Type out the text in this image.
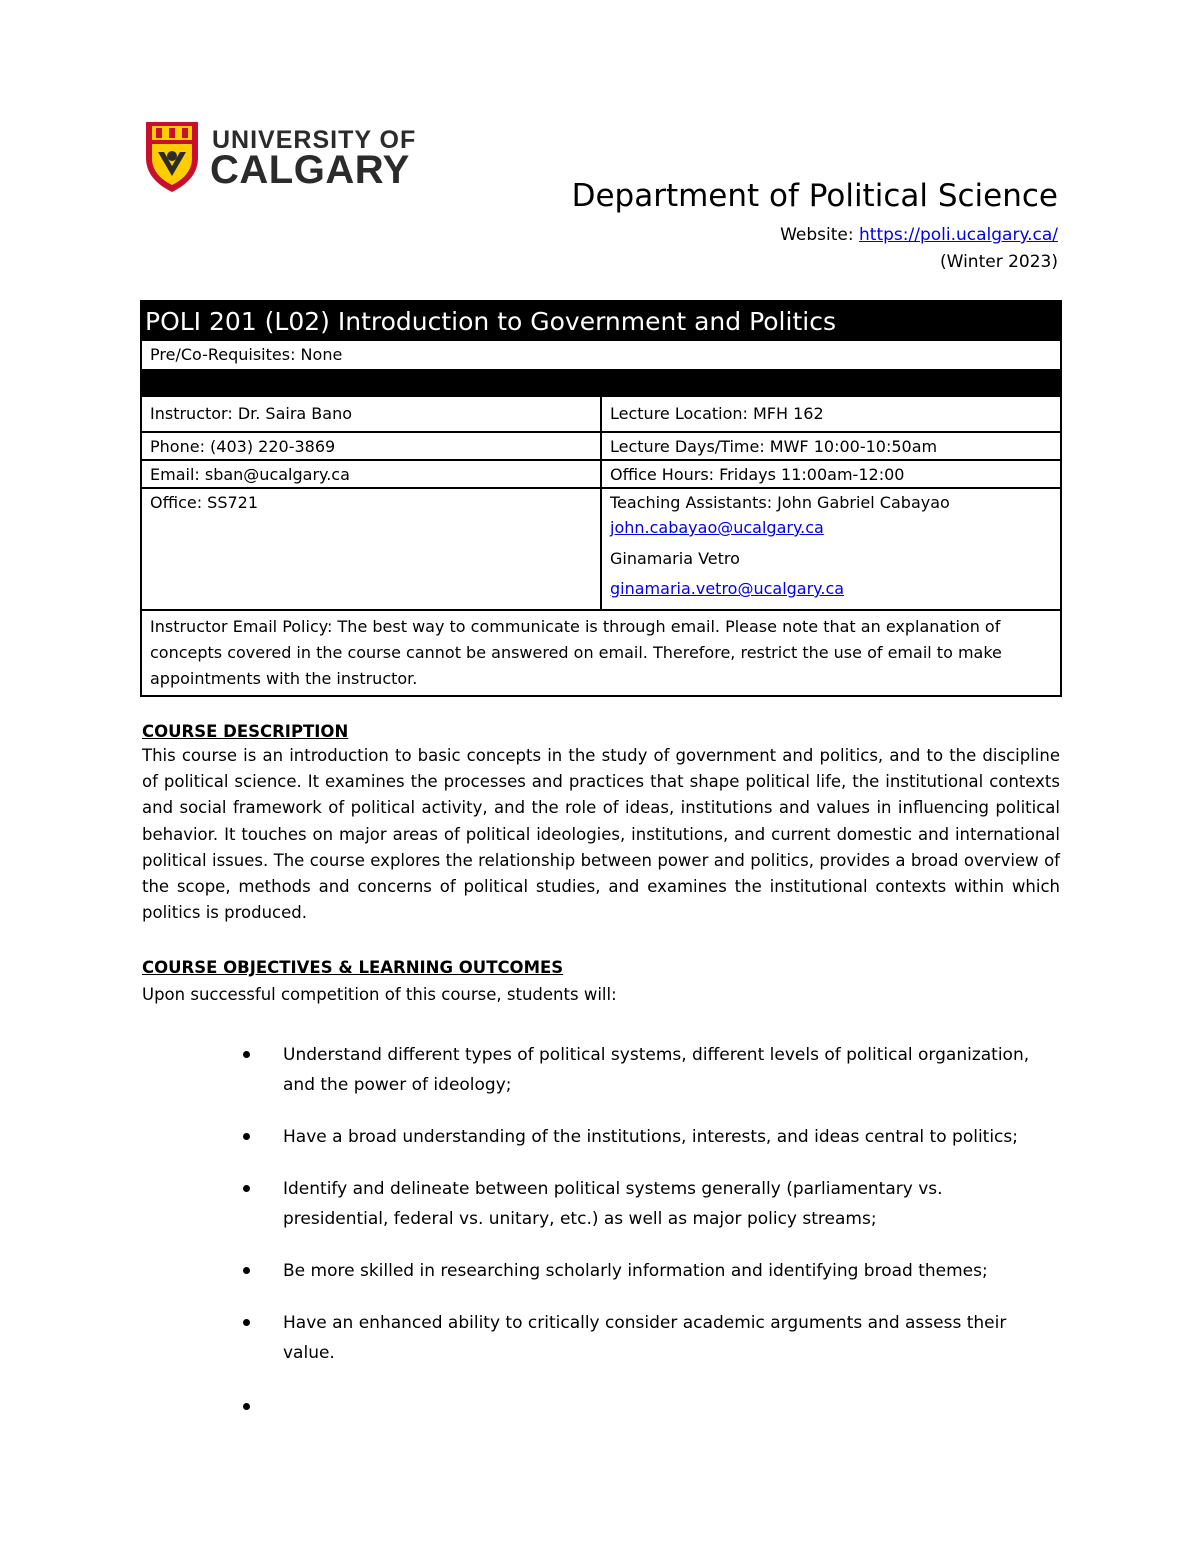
UNIVERSITY OF
CALGARY
Department of Political Science
Website: https://poli.ucalgary.ca/
(Winter 2023)
POLI 201 (L02) Introduction to Government and Politics
Pre/Co-Requisites: None
Instructor: Dr. Saira Bano	Lecture Location: MFH 162
Phone: (403) 220-3869	Lecture Days/Time: MWF 10:00-10:50am
Email: sban@ucalgary.ca	Office Hours: Fridays 11:00am-12:00
Office: SS721	Teaching Assistants: John Gabriel Cabayao
john.cabayao@ucalgary.ca
Ginamaria Vetro
ginamaria.vetro@ucalgary.ca
Instructor Email Policy: The best way to communicate is through email. Please note that an explanation of concepts covered in the course cannot be answered on email. Therefore, restrict the use of email to make appointments with the instructor.
COURSE DESCRIPTION
This course is an introduction to basic concepts in the study of government and politics, and to the discipline of political science. It examines the processes and practices that shape political life, the institutional contexts and social framework of political activity, and the role of ideas, institutions and values in influencing political behavior. It touches on major areas of political ideologies, institutions, and current domestic and international political issues. The course explores the relationship between power and politics, provides a broad overview of the scope, methods and concerns of political studies, and examines the institutional contexts within which politics is produced.
COURSE OBJECTIVES & LEARNING OUTCOMES
Upon successful competition of this course, students will:
Understand different types of political systems, different levels of political organization, and the power of ideology;
Have a broad understanding of the institutions, interests, and ideas central to politics;
Identify and delineate between political systems generally (parliamentary vs. presidential, federal vs. unitary, etc.) as well as major policy streams;
Be more skilled in researching scholarly information and identifying broad themes;
Have an enhanced ability to critically consider academic arguments and assess their value.
